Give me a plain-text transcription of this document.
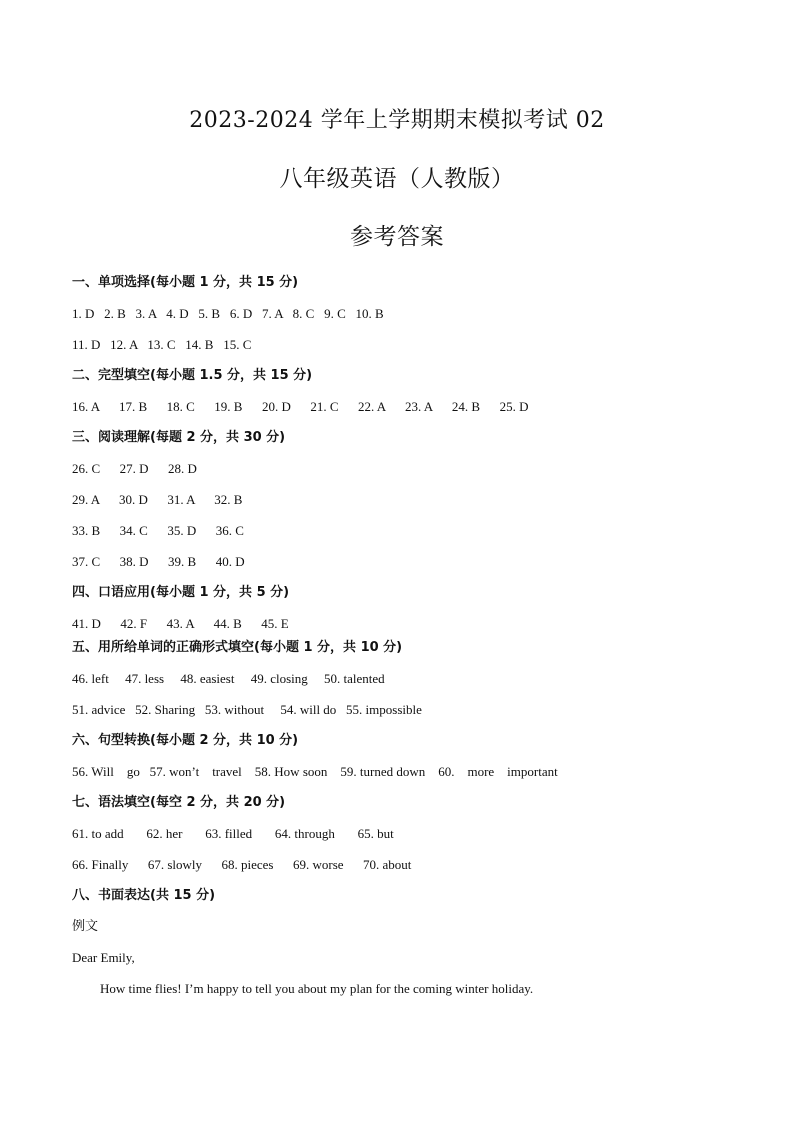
2023-2024 学年上学期期末模拟考试 02
八年级英语（人教版）
参考答案
一、单项选择(每小题 1 分，共 15 分)
1. D   2. B   3. A   4. D   5. B   6. D   7. A   8. C   9. C   10. B
11. D   12. A   13. C   14. B   15. C
二、完型填空(每小题 1.5 分，共 15 分)
16. A      17. B      18. C      19. B      20. D      21. C      22. A      23. A      24. B      25. D
三、阅读理解(每题 2 分，共 30 分)
26. C      27. D      28. D
29. A      30. D      31. A      32. B
33. B      34. C      35. D      36. C
37. C      38. D      39. B      40. D
四、口语应用(每小题 1 分，共 5 分)
41. D      42. F      43. A      44. B      45. E
五、用所给单词的正确形式填空(每小题 1 分，共 10 分)
46. left     47. less     48. easiest     49. closing     50. talented
51. advice   52. Sharing   53. without     54. will do   55. impossible
六、句型转换(每小题 2 分，共 10 分)
56. Will    go   57. won’t    travel    58. How soon    59. turned down    60.    more    important
七、语法填空(每空 2 分，共 20 分)
61. to add       62. her       63. filled       64. through       65. but
66. Finally      67. slowly      68. pieces      69. worse      70. about
八、书面表达(共 15 分)
例文
Dear Emily,
How time flies! I’m happy to tell you about my plan for the coming winter holiday.
